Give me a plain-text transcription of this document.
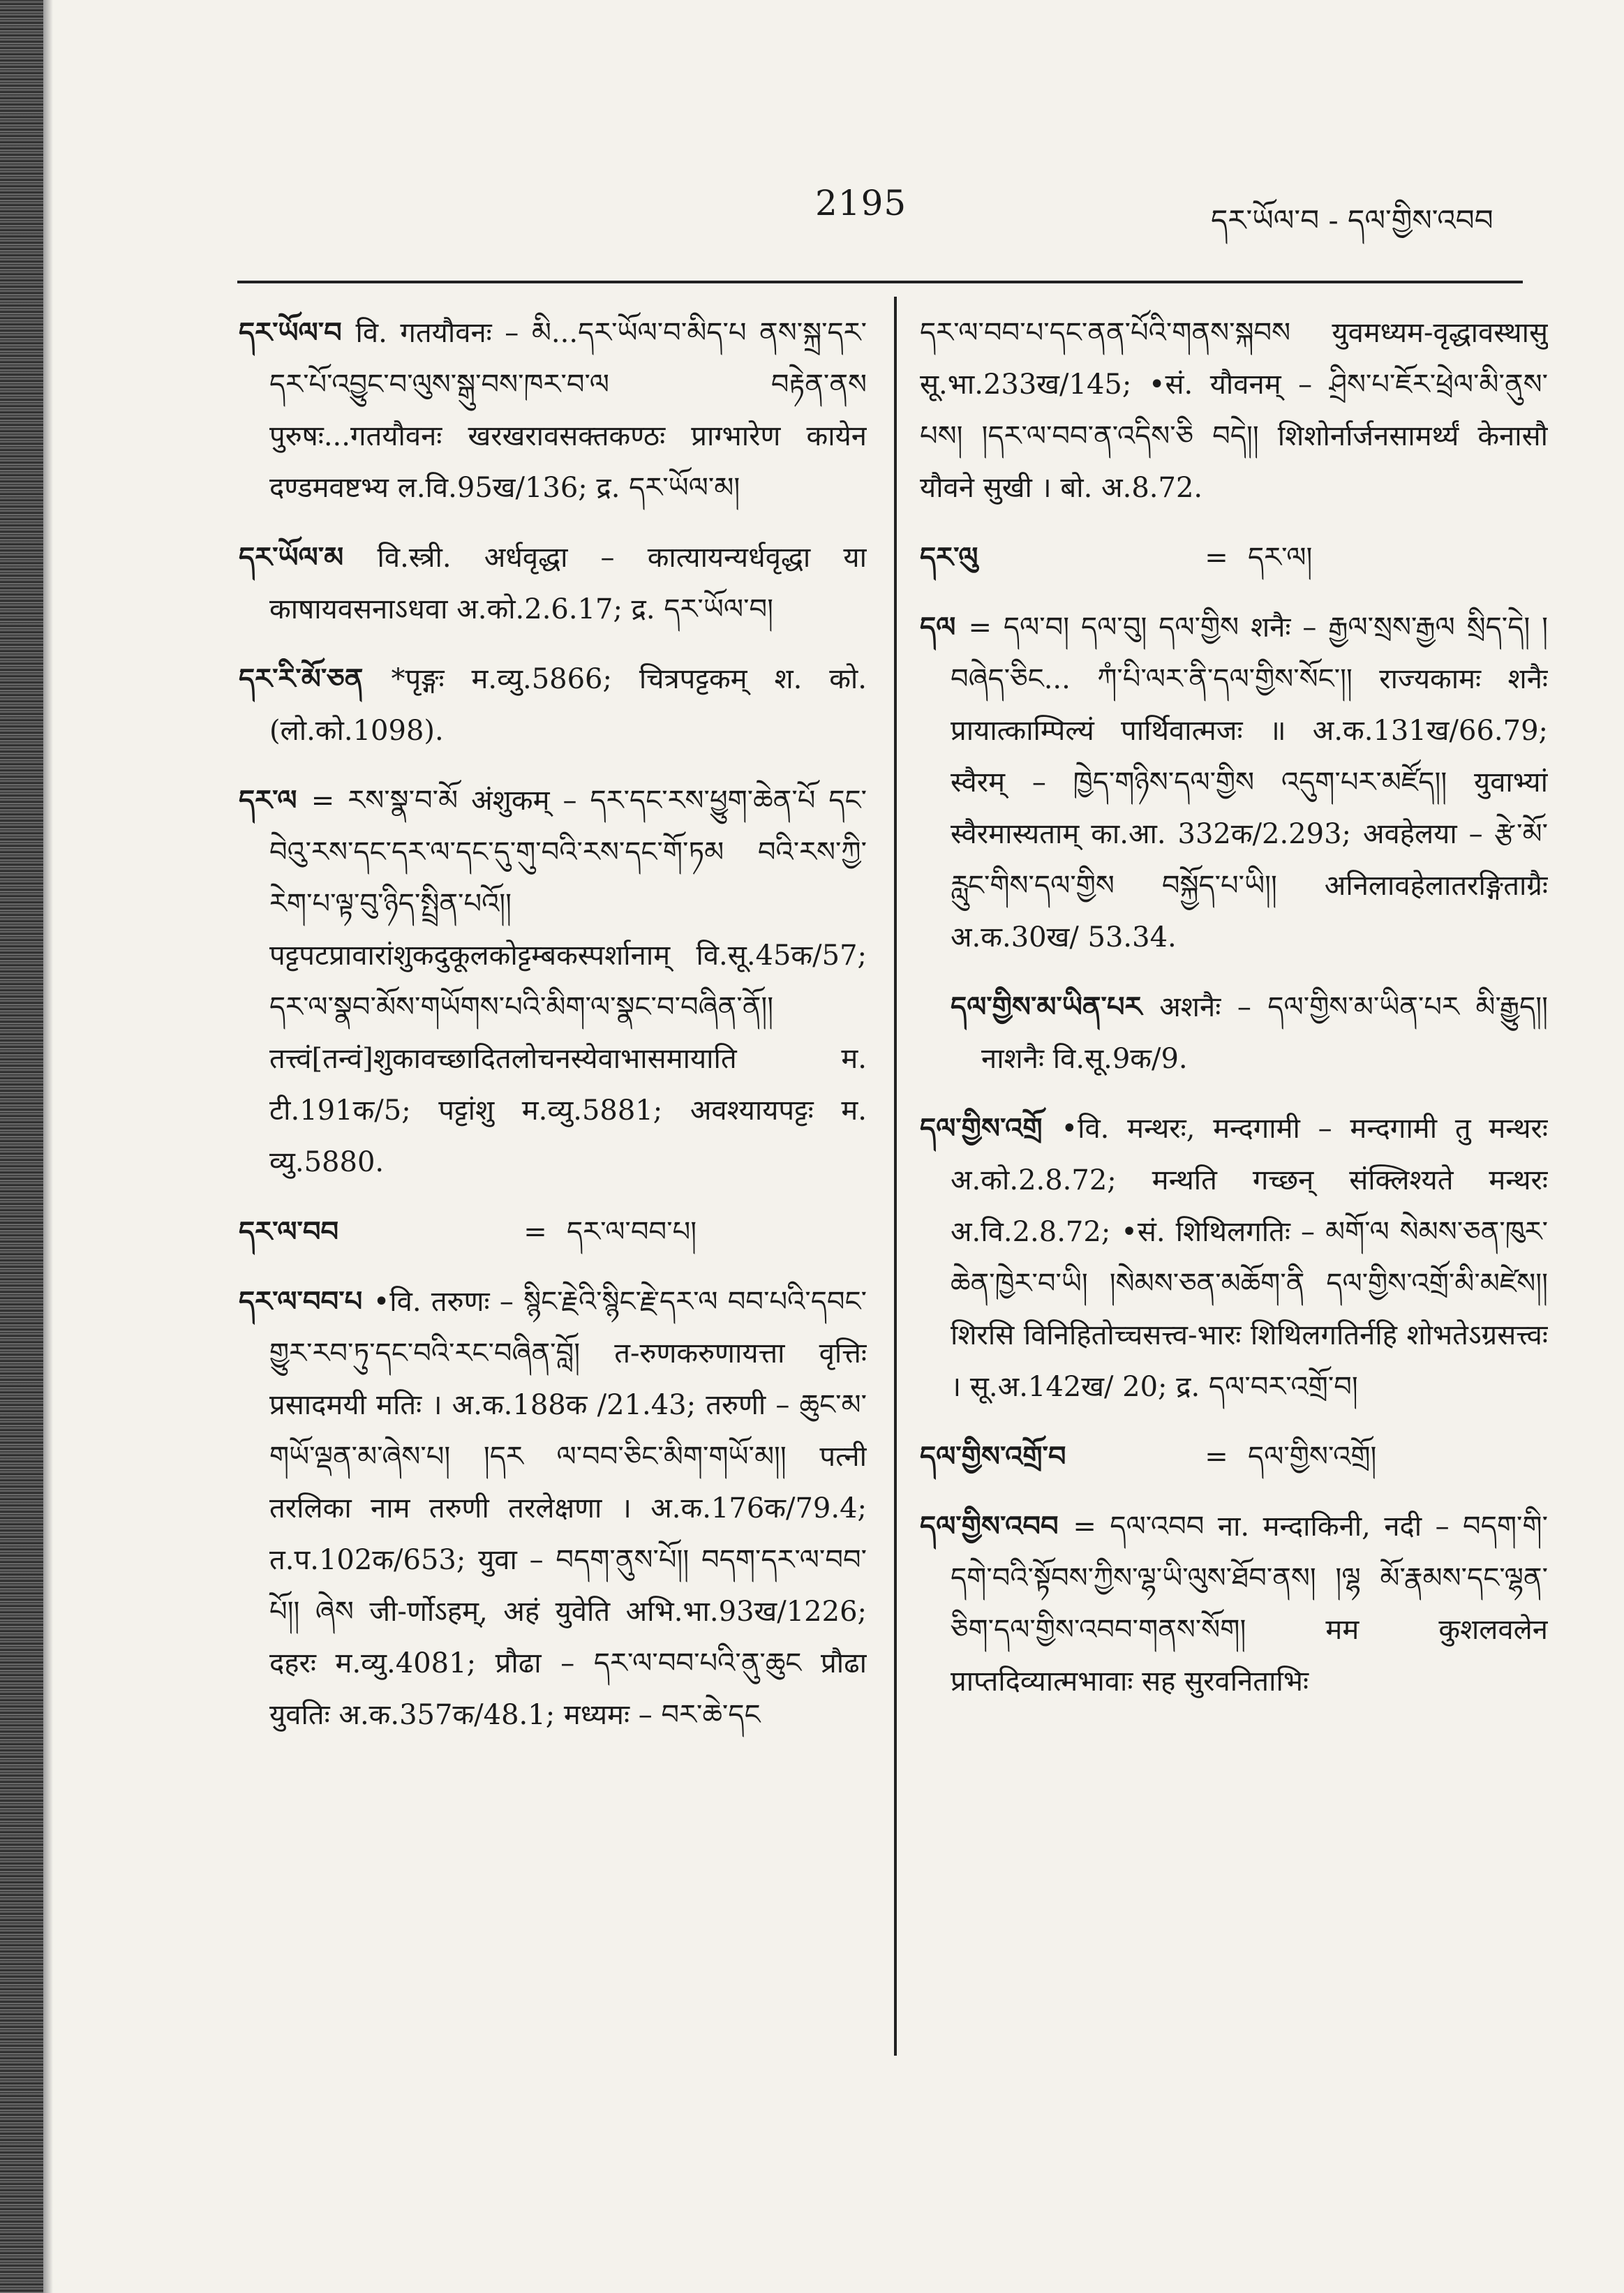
2195	དར་ཡོལ་བ - དལ་གྱིས་འབབ
དར་ཡོལ་བ वि. गतयौवनः – མི...དར་ཡོལ་བ་མིད་པ ནས་སྐྲ་དར་དར་པོ་འབྱུང་བ་ལུས་སྒུ་བས་ཁར་བ་ལ བརྟེན་ནས पुरुषः...गतयौवनः खरखरावसक्तकण्ठः प्राग्भारेण कायेन दण्डमवष्टभ्य ल.वि.95ख/136; द्र. དར་ཡོལ་མ།
དར་ཡོལ་མ वि.स्त्री. अर्धवृद्धा – कात्यायन्यर्धवृद्धा या काषायवसनाऽधवा अ.को.2.6.17; द्र. དར་ཡོལ་བ།
དར་རི་མོ་ཅན *पृङ्गः म.व्यु.5866; चित्रपट्टकम् श. को. (लो.को.1098).
དར་ལ = རས་སྣ་བ་མོ अंशुकम् – དར་དང་རས་ཕྱུག་ཆེན་པོ དང་བེའུ་རས་དང་དར་ལ་དང་དུ་གུ་བའི་རས་དང་གོ་ཏམ བའི་རས་ཀྱི་རེག་པ་ལྟ་བུ་ཉིད་སྤྲིན་པའོ།། पट्टपटप्रावारांशुकदुकूलकोट्टम्बकस्पर्शानाम् वि.सू.45क/57; དར་ལ་སྣབ་མོས་གཡོགས་པའི་མིག་ལ་སྣང་བ་བཞིན་ནོ།། तत्त्वं[तन्वं]शुकावच्छादितलोचनस्येवाभासमायाति म. टी.191क/5; पट्टांशु म.व्यु.5881; अवश्यायपट्टः म. व्यु.5880.
དར་ལ་བབ	= དར་ལ་བབ་པ།
དར་ལ་བབ་པ •वि. तरुणः – སྙིང་རྗེའི་སྙིང་རྗེ་དར་ལ བབ་པའི་དབང་གྱུར་རབ་ཏུ་དང་བའི་རང་བཞིན་བློ། त-रुणकरुणायत्ता वृत्तिः प्रसादमयी मतिः । अ.क.188क /21.43; तरुणी – ཆུང་མ་གཡོ་ལྡན་མ་ཞེས་པ། །དར ལ་བབ་ཅིང་མིག་གཡོ་མ།། पत्नी तरलिका नाम तरुणी तरलेक्षणा । अ.क.176क/79.4; त.प.102क/653; युवा – བདག་ནུས་པོ།། བདག་དར་ལ་བབ་པོ།། ཞེས जी-र्णोऽहम्, अहं युवेति अभि.भा.93ख/1226; दहरः म.व्यु.4081; प्रौढा – དར་ལ་བབ་པའི་ནུ་ཆུང प्रौढा युवतिः अ.क.357क/48.1; मध्यमः – བར་ཆེ་དང
དར་ལ་བབ་པ་དང་ནན་པོའི་གནས་སྐབས युवमध्यम-वृद्धावस्थासु सू.भा.233ख/145; •सं. यौवनम् – ཤྲིས་པ་ཇོར་ཕྲེལ་མི་ནུས་པས། །དར་ལ་བབ་ན་འདིས་ཅི བདེ།། शिशोर्नार्जनसामर्थ्यं केनासौ यौवने सुखी । बो. अ.8.72.
དར་ལུ	= དར་ལ།
དལ = དལ་བ། དལ་བུ། དལ་གྱིས शनैः – རྒྱལ་སྲས་རྒྱལ སྲིད་དེ། །བཞེད་ཅིང... ཀཾ་པི་ལར་ནི་དལ་གྱིས་སོང་།། राज्यकामः शनैः प्रायात्काम्पिल्यं पार्थिवात्मजः ॥ अ.क.131ख/66.79; स्वैरम् – ཁྱེད་གཉིས་དལ་གྱིས འདུག་པར་མཛོད།། युवाभ्यां स्वैरमास्यताम् का.आ. 332क/2.293; अवहेलया – རྩེ་མོ་རླུང་གིས་དལ་གྱིས བསྐྱོད་པ་ཡི།། अनिलावहेलातरङ्गिताग्रैः अ.क.30ख/ 53.34.
དལ་གྱིས་མ་ཡིན་པར अशनैः – དལ་གྱིས་མ་ཡིན་པར མི་རྒྱུད།། नाशनैः वि.सू.9क/9.
དལ་གྱིས་འགྲོ •वि. मन्थरः, मन्दगामी – मन्दगामी तु मन्थरः अ.को.2.8.72; मन्थति गच्छन् संक्लिश्यते मन्थरः अ.वि.2.8.72; •सं. शिथिलगतिः – མགོ་ལ སེམས་ཅན་ཁུར་ཆེན་ཁྱེར་བ་ཡི། །སེམས་ཅན་མཆོག་ནི དལ་གྱིས་འགྲོ་མི་མཛེས།། शिरसि विनिहितोच्चसत्त्व-भारः शिथिलगतिर्नहि शोभतेऽग्रसत्त्वः । सू.अ.142ख/ 20; द्र. དལ་བར་འགྲོ་བ།
དལ་གྱིས་འགྲོ་བ	= དལ་གྱིས་འགྲོ།
དལ་གྱིས་འབབ = དལ་འབབ ना. मन्दाकिनी, नदी – བདག་གི་དགེ་བའི་སྟོབས་ཀྱིས་ལྷ་ཡི་ལུས་ཐོབ་ནས། །ལྷ མོ་རྣམས་དང་ལྷན་ཅིག་དལ་གྱིས་འབབ་གནས་སོག། मम कुशलवलेन प्राप्तदिव्यात्मभावाः सह सुरवनिताभिः
